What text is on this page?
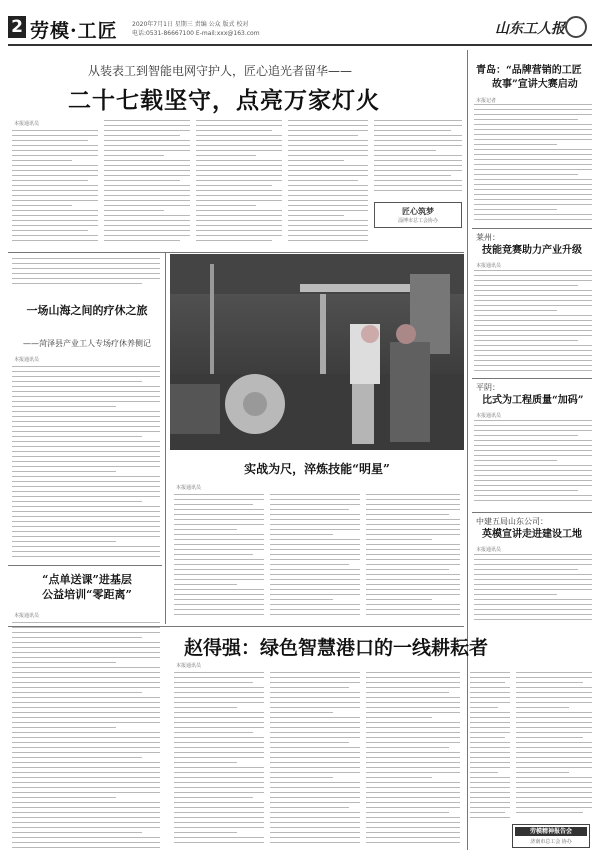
2 劳模·工匠 2020年7月1日 星期三 责编 公众 版式 校对
电话:0531-86667100 E-mail:xxx@163.com	山东工人报
从装表工到智能电网守护人，匠心追光者留华——
二十七载坚守，点亮万家灯火
本报通讯员
匠心筑梦
淄博市总工会协办
一场山海之间的疗休之旅
——菏泽县产业工人专场疗休养侧记
本报通讯员
“点单送课”进基层
公益培训“零距离”
本报通讯员
实战为尺，淬炼技能“明星”
本报通讯员
赵得强：绿色智慧港口的一线耕耘者
本报通讯员
青岛：“品牌营销的工匠
故事”宣讲大赛启动
本报记者
莱州：
技能竞赛助力产业升级
本报通讯员
平阴：
比式为工程质量“加码”
本报通讯员
中建五局山东公司：
英模宣讲走进建设工地
本报通讯员
劳模精神报告会
济南市总工会 协办
